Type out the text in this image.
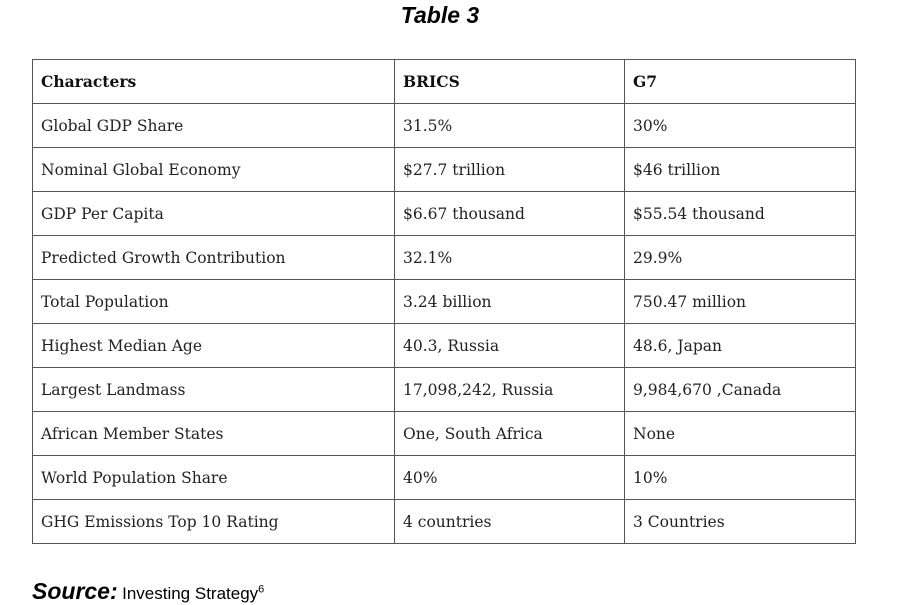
Table 3
Characters	BRICS	G7
Global GDP Share	31.5%	30%
Nominal Global Economy	$27.7 trillion	$46 trillion
GDP Per Capita	$6.67 thousand	$55.54 thousand
Predicted Growth Contribution	32.1%	29.9%
Total Population	3.24 billion	750.47 million
Highest Median Age	40.3, Russia	48.6, Japan
Largest Landmass	17,098,242, Russia	9,984,670 ,Canada
African Member States	One, South Africa	None
World Population Share	40%	10%
GHG Emissions Top 10 Rating	4 countries	3 Countries
Source: Investing Strategy$^6$
